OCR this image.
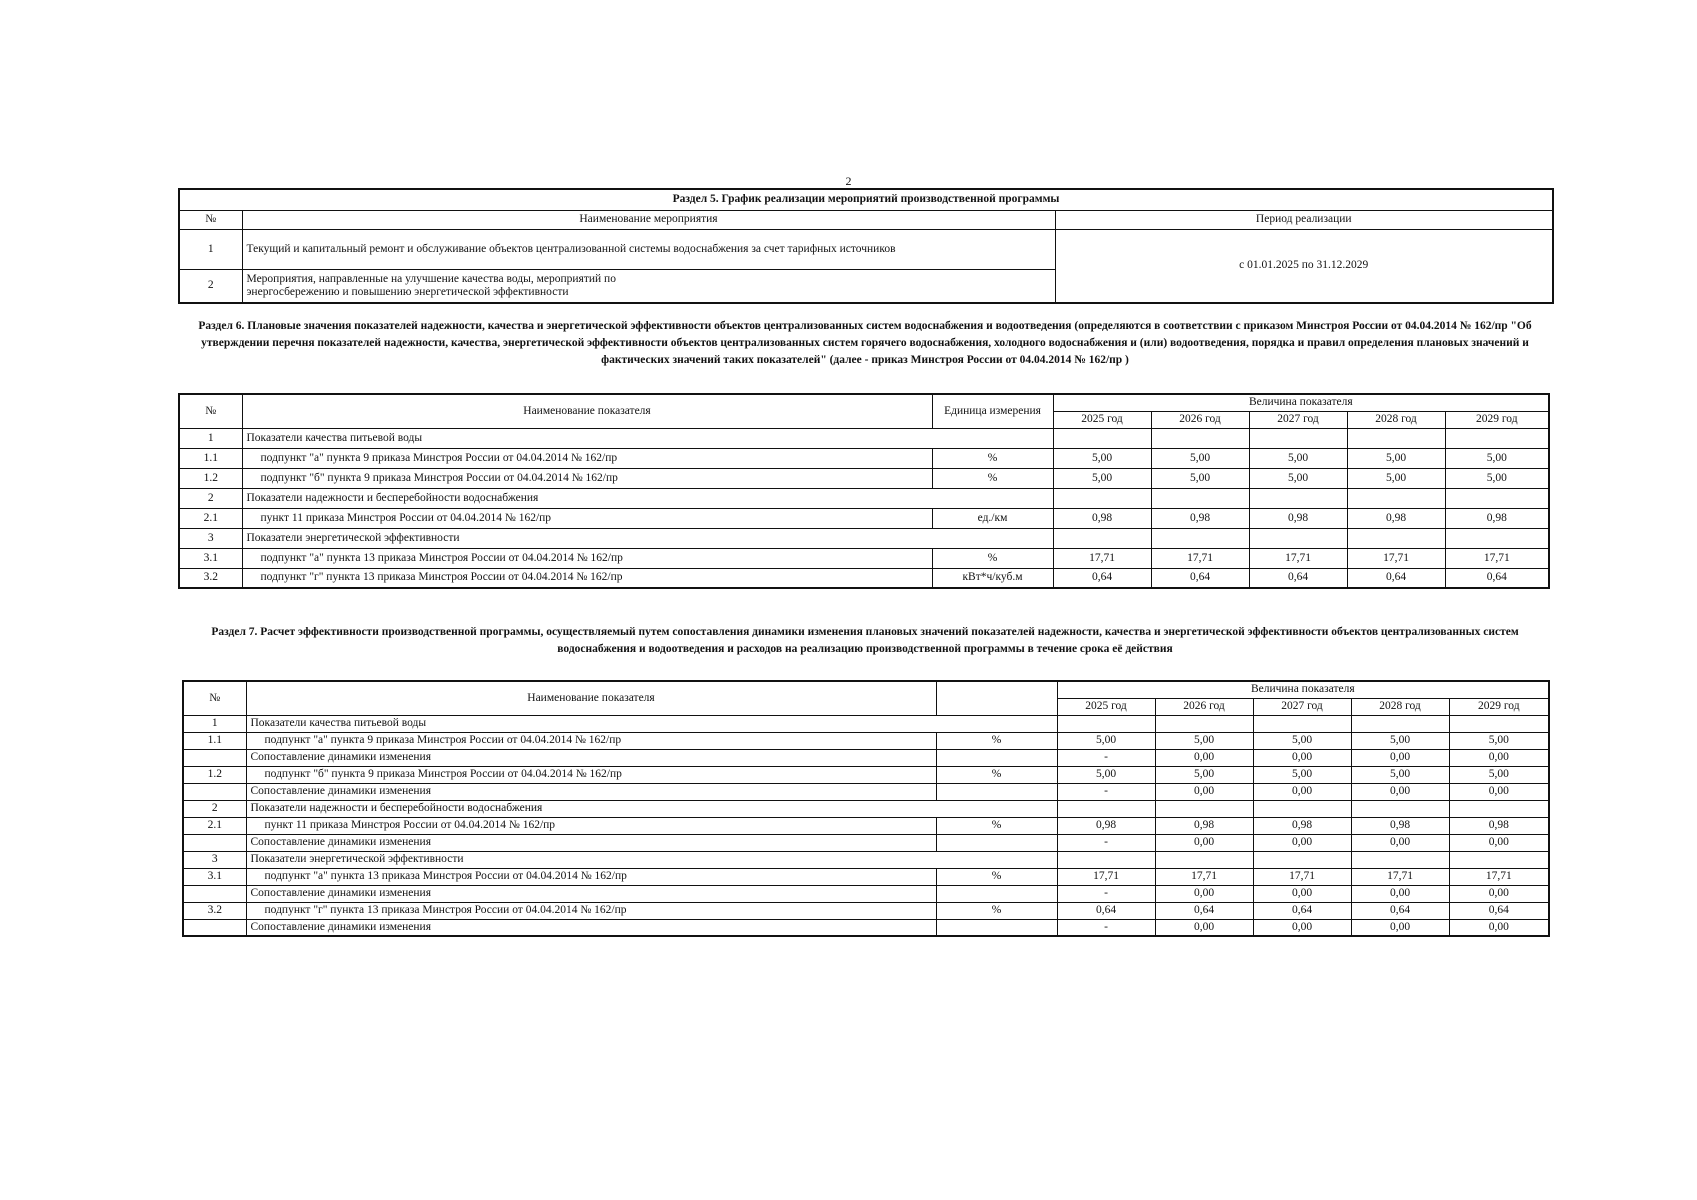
2
Раздел 5. График реализации мероприятий производственной программы		
№	Наименование мероприятия	Период реализации
1	Текущий и капитальный ремонт и обслуживание объектов централизованной системы водоснабжения за счет тарифных источников	с 01.01.2025 по 31.12.2029
2	Мероприятия, направленные на улучшение качества воды, мероприятий по энергосбережению и повышению энергетической эффективности	
Раздел 6. Плановые значения показателей надежности, качества и энергетической эффективности объектов централизованных систем водоснабжения и водоотведения (определяются в соответствии с приказом Минстроя России от 04.04.2014 № 162/пр "Об утверждении перечня показателей надежности, качества, энергетической эффективности объектов централизованных систем горячего водоснабжения, холодного водоснабжения и (или) водоотведения, порядка и правил определения плановых значений и фактических значений таких показателей" (далее - приказ Минстроя России от 04.04.2014 № 162/пр )
№	Наименование показателя	Единица измерения	Величина показателя				
			2025 год	2026 год	2027 год	2028 год	2029 год
1	Показатели качества питьевой воды						
1.1	подпункт "а" пункта 9 приказа Минстроя России от 04.04.2014 № 162/пр	%	5,00	5,00	5,00	5,00	5,00
1.2	подпункт "б" пункта 9 приказа Минстроя России от 04.04.2014 № 162/пр	%	5,00	5,00	5,00	5,00	5,00
2	Показатели надежности и бесперебойности водоснабжения						
2.1	пункт 11 приказа Минстроя России от 04.04.2014 № 162/пр	ед./км	0,98	0,98	0,98	0,98	0,98
3	Показатели энергетической эффективности						
3.1	подпункт "а" пункта 13 приказа Минстроя России от 04.04.2014 № 162/пр	%	17,71	17,71	17,71	17,71	17,71
3.2	подпункт "г" пункта 13 приказа Минстроя России от 04.04.2014 № 162/пр	кВт*ч/куб.м	0,64	0,64	0,64	0,64	0,64
Раздел 7. Расчет эффективности производственной программы, осуществляемый путем сопоставления динамики изменения плановых значений показателей надежности, качества и энергетической эффективности объектов централизованных систем водоснабжения и водоотведения и расходов на реализацию производственной программы в течение срока её действия
№	Наименование показателя		Величина показателя				
			2025 год	2026 год	2027 год	2028 год	2029 год
1	Показатели качества питьевой воды						
1.1	подпункт "а" пункта 9 приказа Минстроя России от 04.04.2014 № 162/пр	%	5,00	5,00	5,00	5,00	5,00
	Сопоставление динамики изменения		-	0,00	0,00	0,00	0,00
1.2	подпункт "б" пункта 9 приказа Минстроя России от 04.04.2014 № 162/пр	%	5,00	5,00	5,00	5,00	5,00
	Сопоставление динамики изменения		-	0,00	0,00	0,00	0,00
2	Показатели надежности и бесперебойности водоснабжения						
2.1	пункт 11 приказа Минстроя России от 04.04.2014 № 162/пр	%	0,98	0,98	0,98	0,98	0,98
	Сопоставление динамики изменения		-	0,00	0,00	0,00	0,00
3	Показатели энергетической эффективности						
3.1	подпункт "а" пункта 13 приказа Минстроя России от 04.04.2014 № 162/пр	%	17,71	17,71	17,71	17,71	17,71
	Сопоставление динамики изменения		-	0,00	0,00	0,00	0,00
3.2	подпункт "г" пункта 13 приказа Минстроя России от 04.04.2014 № 162/пр	%	0,64	0,64	0,64	0,64	0,64
	Сопоставление динамики изменения		-	0,00	0,00	0,00	0,00
